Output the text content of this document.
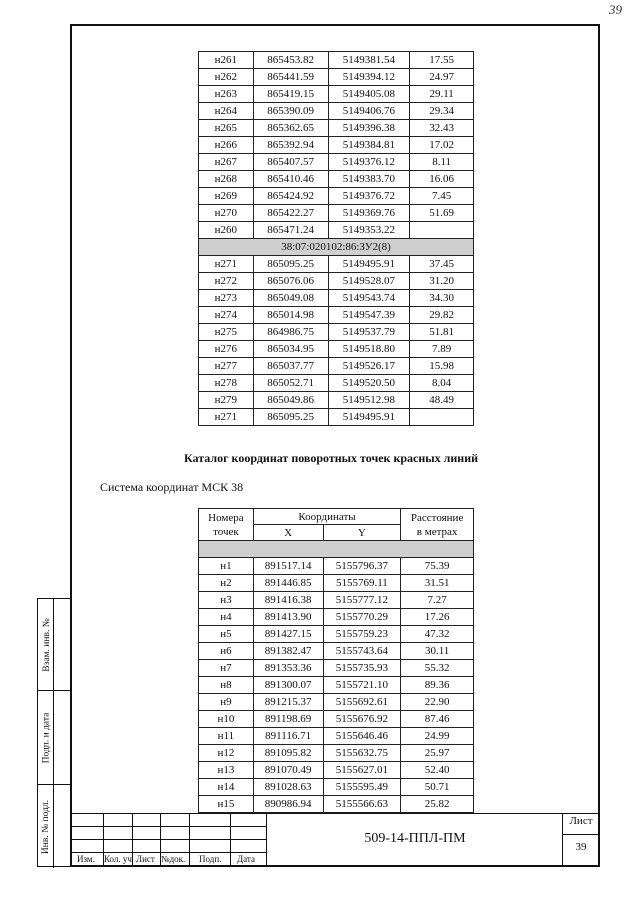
39
Взам. инв. №
Подп. и дата
Инв. № подл.
н261	865453.82	5149381.54	17.55
н262	865441.59	5149394.12	24.97
н263	865419.15	5149405.08	29.11
н264	865390.09	5149406.76	29.34
н265	865362.65	5149396.38	32.43
н266	865392.94	5149384.81	17.02
н267	865407.57	5149376.12	8.11
н268	865410.46	5149383.70	16.06
н269	865424.92	5149376.72	7.45
н270	865422.27	5149369.76	51.69
н260	865471.24	5149353.22	
38:07:020102:86:ЗУ2(8)			
н271	865095.25	5149495.91	37.45
н272	865076.06	5149528.07	31.20
н273	865049.08	5149543.74	34.30
н274	865014.98	5149547.39	29.82
н275	864986.75	5149537.79	51.81
н276	865034.95	5149518.80	7.89
н277	865037.77	5149526.17	15.98
н278	865052.71	5149520.50	8.04
н279	865049.86	5149512.98	48.49
н271	865095.25	5149495.91	
Каталог координат поворотных точек красных линий
Система координат МСК 38
Номера
точек	Координаты		Расстояние
в метрах
	X	Y	

н1	891517.14	5155796.37	75.39
н2	891446.85	5155769.11	31.51
н3	891416.38	5155777.12	7.27
н4	891413.90	5155770.29	17.26
н5	891427.15	5155759.23	47.32
н6	891382.47	5155743.64	30.11
н7	891353.36	5155735.93	55.32
н8	891300.07	5155721.10	89.36
н9	891215.37	5155692.61	22.90
н10	891198.69	5155676.92	87.46
н11	891116.71	5155646.46	24.99
н12	891095.82	5155632.75	25.97
н13	891070.49	5155627.01	52.40
н14	891028.63	5155595.49	50.71
н15	890986.94	5155566.63	25.82
Изм. Кол. уч Лист №док. Подп. Дата
509-14-ППЛ-ПМ
Лист
39
